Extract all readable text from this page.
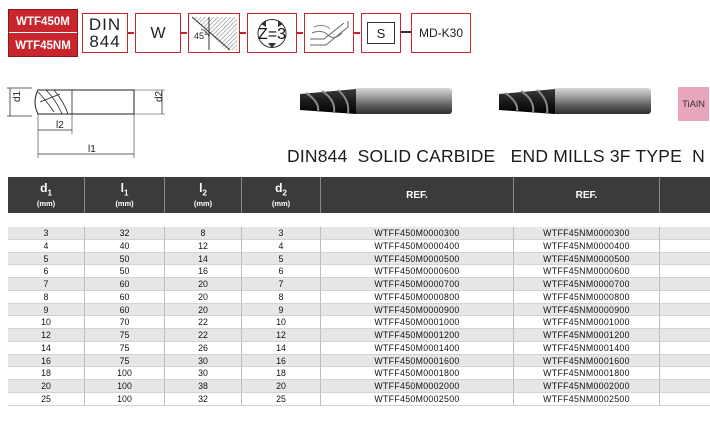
WTF450M
WTF45NM
DIN
844 W	45°	Z=3	S	MD-K30
d1	d2
l2
l1
TiAlN
DIN844  SOLID CARBIDE   END MILLS 3F TYPE  N
$d_1$
(mm)
$l_1$
(mm)
$l_2$
(mm)
$d_2$
(mm)
REF.	REF.
3	32	8	3	WTFF450M0000300	WTFF45NM0000300
4	40	12	4	WTFF450M0000400	WTFF45NM0000400
5	50	14	5	WTFF450M0000500	WTFF45NM0000500
6	50	16	6	WTFF450M0000600	WTFF45NM0000600
7	60	20	7	WTFF450M0000700	WTFF45NM0000700
8	60	20	8	WTFF450M0000800	WTFF45NM0000800
9	60	20	9	WTFF450M0000900	WTFF45NM0000900
10	70	22	10	WTFF450M0001000	WTFF45NM0001000
12	75	22	12	WTFF450M0001200	WTFF45NM0001200
14	75	26	14	WTFF450M0001400	WTFF45NM0001400
16	75	30	16	WTFF450M0001600	WTFF45NM0001600
18	100	30	18	WTFF450M0001800	WTFF45NM0001800
20	100	38	20	WTFF450M0002000	WTFF45NM0002000
25	100	32	25	WTFF450M0002500	WTFF45NM0002500
